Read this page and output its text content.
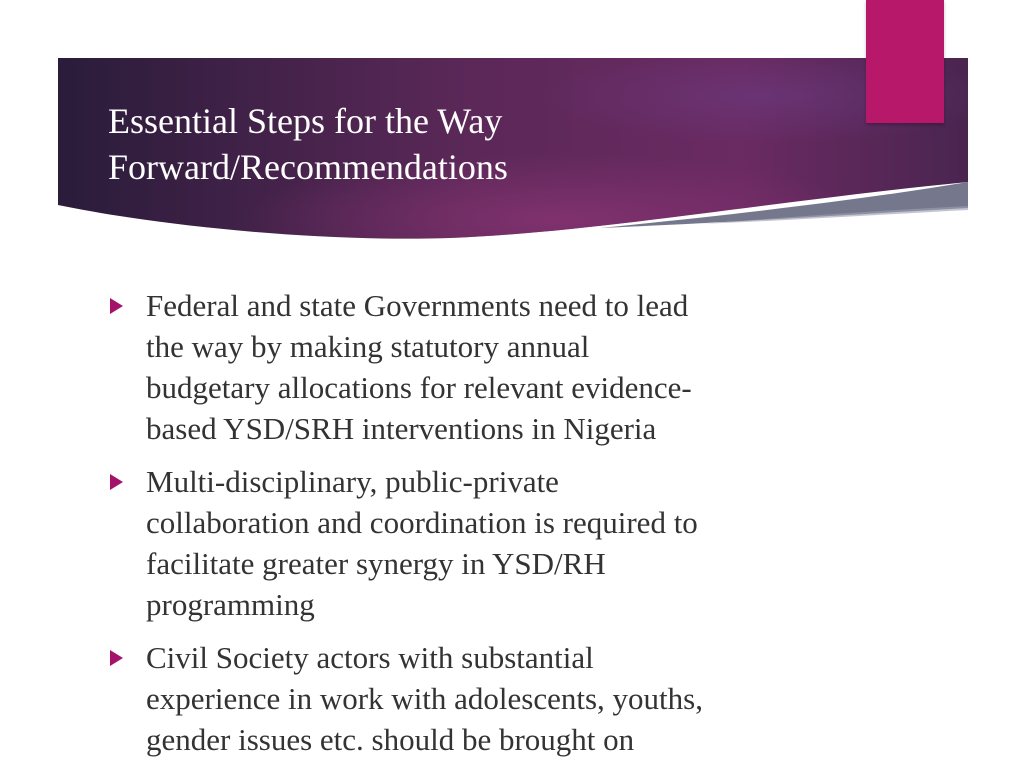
Essential Steps for the Way
Forward/Recommendations
Federal and state Governments need to lead
the way by making statutory annual
budgetary allocations for relevant evidence-
based YSD/SRH interventions in Nigeria
Multi-disciplinary, public-private
collaboration and coordination is required to
facilitate greater synergy in YSD/RH
programming
Civil Society actors with substantial
experience in work with adolescents, youths,
gender issues etc. should be brought on
